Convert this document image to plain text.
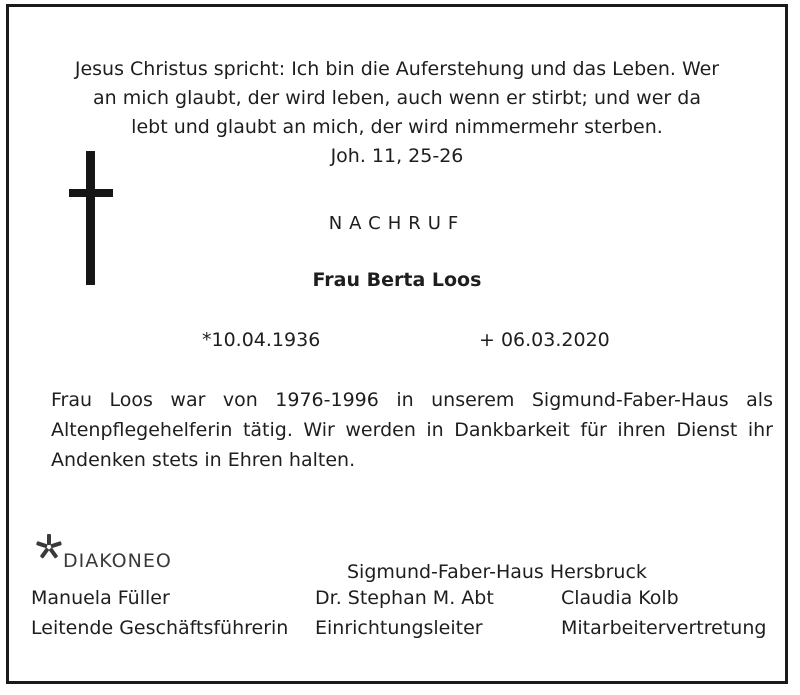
Jesus Christus spricht: Ich bin die Auferstehung und das Leben. Wer
an mich glaubt, der wird leben, auch wenn er stirbt; und wer da
lebt und glaubt an mich, der wird nimmermehr sterben.
Joh. 11, 25-26
NACHRUF
Frau Berta Loos
*10.04.1936	+ 06.03.2020
Frau Loos war von 1976-1996 in unserem Sigmund-Faber-Haus als
Altenpflegehelferin tätig. Wir werden in Dankbarkeit für ihren Dienst ihr
Andenken stets in Ehren halten.
DIAKONEO	Sigmund-Faber-Haus Hersbruck
Manuela Füller
Leitende Geschäftsführerin
Dr. Stephan M. Abt
Einrichtungsleiter
Claudia Kolb
Mitarbeitervertretung
